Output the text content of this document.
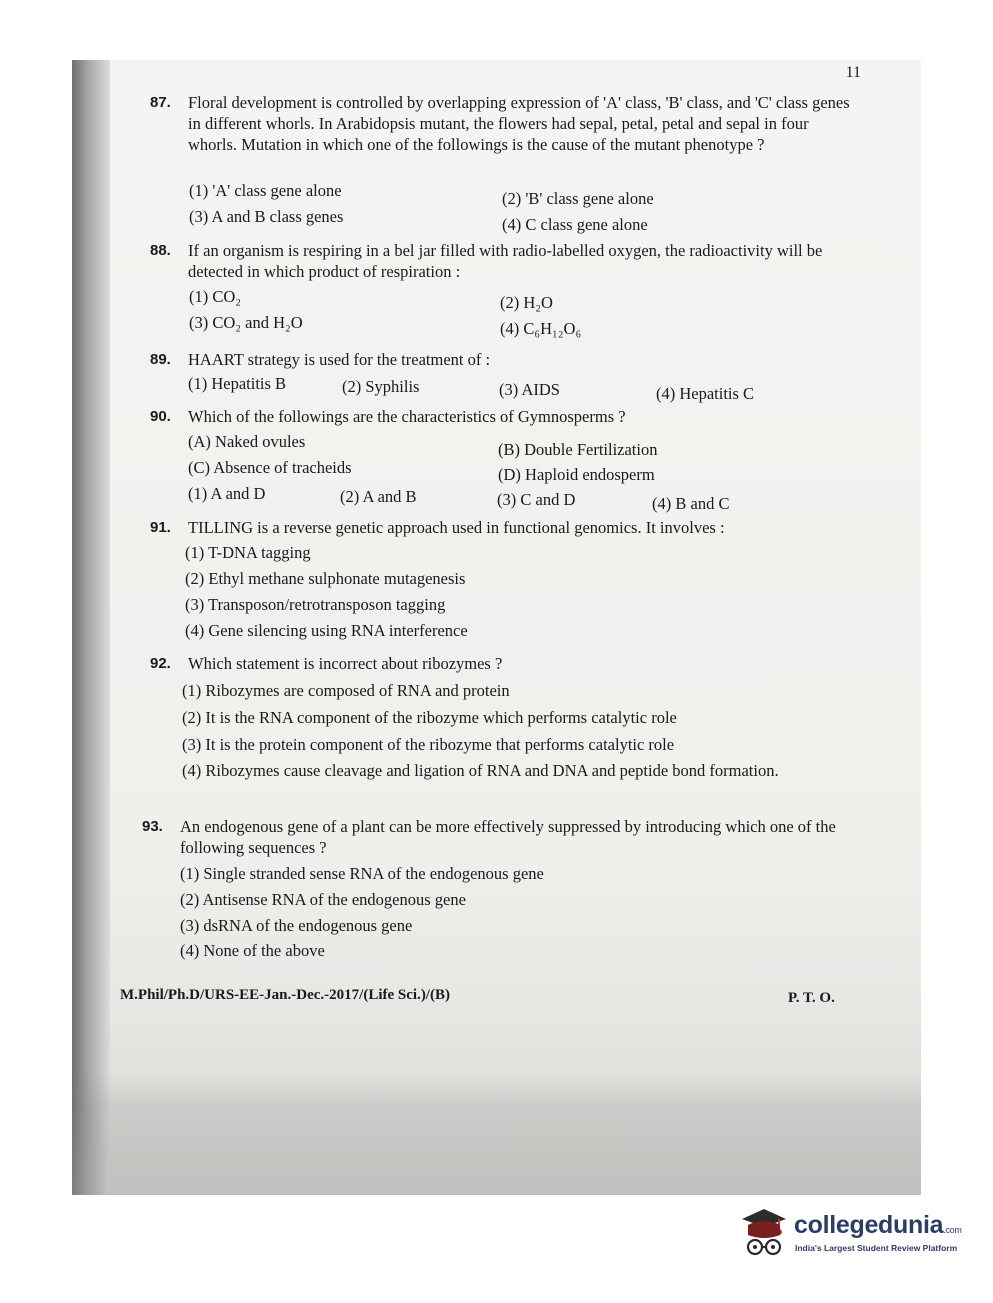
11
87. Floral development is controlled by overlapping expression of 'A' class, 'B' class, and 'C' class genes in different whorls. In Arabidopsis mutant, the flowers had sepal, petal, petal and sepal in four whorls. Mutation in which one of the followings is the cause of the mutant phenotype ?
(1) 'A' class gene alone	(2) 'B' class gene alone
(3) A and B class genes	(4) C class gene alone
88. If an organism is respiring in a bel jar filled with radio-labelled oxygen, the radioactivity will be detected in which product of respiration :
(1) CO₂	(2) H₂O
(3) CO₂ and H₂O	(4) C₆H₁₂O₆
89. HAART strategy is used for the treatment of :
(1) Hepatitis B	(2) Syphilis	(3) AIDS	(4) Hepatitis C
90. Which of the followings are the characteristics of Gymnosperms ?
(A) Naked ovules	(B) Double Fertilization
(C) Absence of tracheids	(D) Haploid endosperm
(1) A and D	(2) A and B	(3) C and D	(4) B and C
91. TILLING is a reverse genetic approach used in functional genomics. It involves :
(1) T-DNA tagging
(2) Ethyl methane sulphonate mutagenesis
(3) Transposon/retrotransposon tagging
(4) Gene silencing using RNA interference
92. Which statement is incorrect about ribozymes ?
(1) Ribozymes are composed of RNA and protein
(2) It is the RNA component of the ribozyme which performs catalytic role
(3) It is the protein component of the ribozyme that performs catalytic role
(4) Ribozymes cause cleavage and ligation of RNA and DNA and peptide bond formation.
93. An endogenous gene of a plant can be more effectively suppressed by introducing which one of the following sequences ?
(1) Single stranded sense RNA of the endogenous gene
(2) Antisense RNA of the endogenous gene
(3) dsRNA of the endogenous gene
(4) None of the above
M.Phil/Ph.D/URS-EE-Jan.-Dec.-2017/(Life Sci.)/(B)	P. T. O.
collegedunia.com
India's Largest Student Review Platform
